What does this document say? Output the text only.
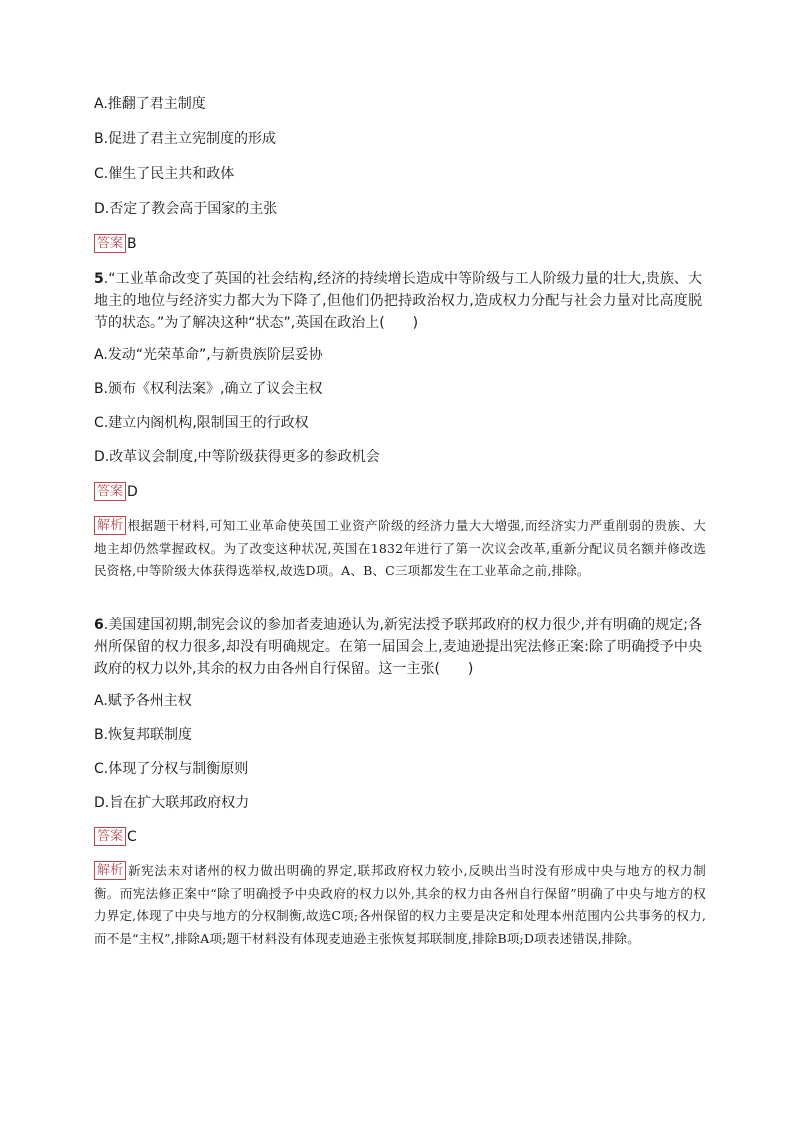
A.推翻了君主制度
B.促进了君主立宪制度的形成
C.催生了民主共和政体
D.否定了教会高于国家的主张
答案 B
5.“工业革命改变了英国的社会结构,经济的持续增长造成中等阶级与工人阶级力量的壮大,贵族、大地主的地位与经济实力都大为下降了,但他们仍把持政治权力,造成权力分配与社会力量对比高度脱节的状态。”为了解决这种“状态”,英国在政治上(　　)
A.发动“光荣革命”,与新贵族阶层妥协
B.颁布《权利法案》,确立了议会主权
C.建立内阁机构,限制国王的行政权
D.改革议会制度,中等阶级获得更多的参政机会
答案 D
解析 根据题干材料,可知工业革命使英国工业资产阶级的经济力量大大增强,而经济实力严重削弱的贵族、大地主却仍然掌握政权。为了改变这种状况,英国在1832年进行了第一次议会改革,重新分配议员名额并修改选民资格,中等阶级大体获得选举权,故选D项。A、B、C三项都发生在工业革命之前,排除。
6.美国建国初期,制宪会议的参加者麦迪逊认为,新宪法授予联邦政府的权力很少,并有明确的规定;各州所保留的权力很多,却没有明确规定。在第一届国会上,麦迪逊提出宪法修正案:除了明确授予中央政府的权力以外,其余的权力由各州自行保留。这一主张(　　)
A.赋予各州主权
B.恢复邦联制度
C.体现了分权与制衡原则
D.旨在扩大联邦政府权力
答案 C
解析 新宪法未对诸州的权力做出明确的界定,联邦政府权力较小,反映出当时没有形成中央与地方的权力制衡。而宪法修正案中“除了明确授予中央政府的权力以外,其余的权力由各州自行保留”明确了中央与地方的权力界定,体现了中央与地方的分权制衡,故选C项;各州保留的权力主要是决定和处理本州范围内公共事务的权力,而不是“主权”,排除A项;题干材料没有体现麦迪逊主张恢复邦联制度,排除B项;D项表述错误,排除。
